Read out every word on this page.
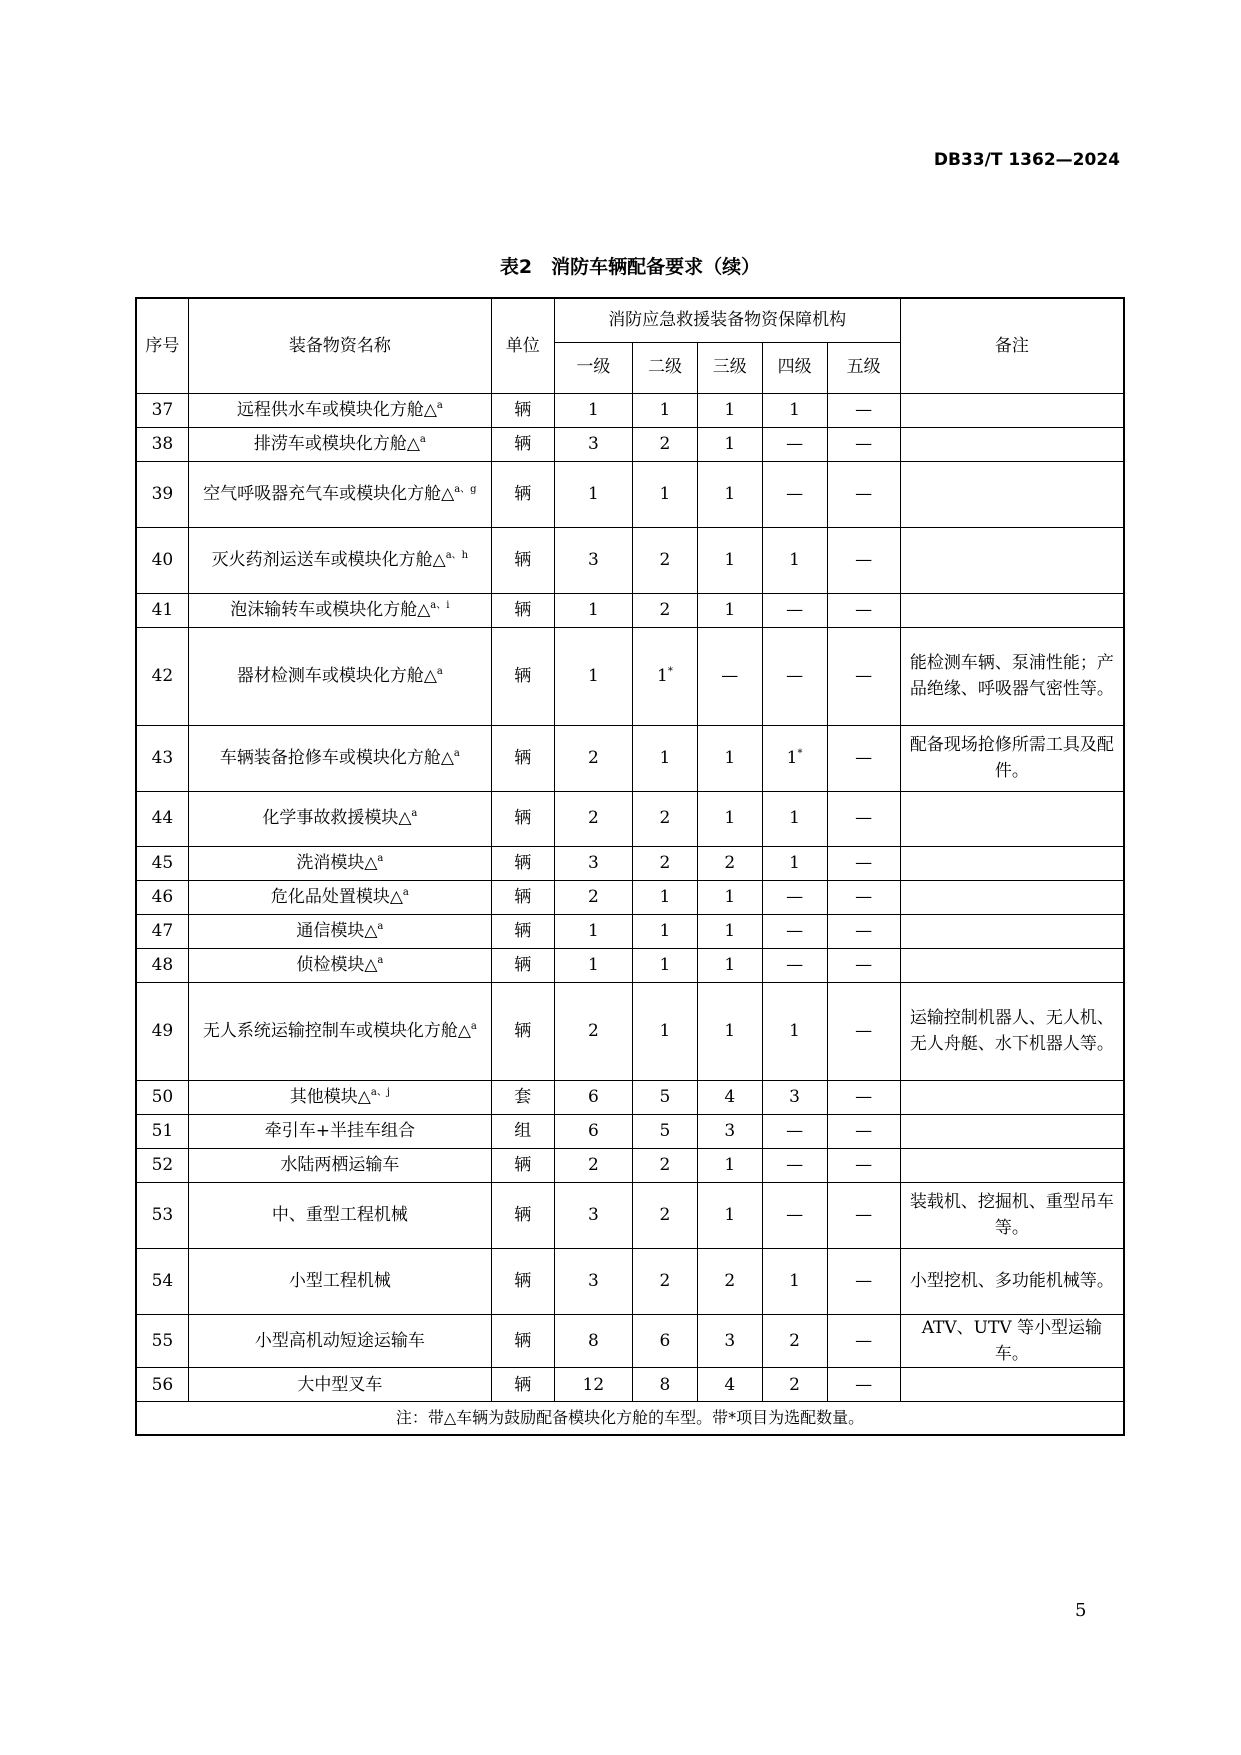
DB33/T 1362—2024
表2　消防车辆配备要求（续）
序号	装备物资名称	单位	消防应急救援装备物资保障机构					备注
			一级	二级	三级	四级	五级	
37	远程供水车或模块化方舱△$^a$	辆	1	1	1	1	—	
38	排涝车或模块化方舱△$^a$	辆	3	2	1	—	—	
39	空气呼吸器充气车或模块化方舱△$^{a、g}$	辆	1	1	1	—	—	
40	灭火药剂运送车或模块化方舱△$^{a、h}$	辆	3	2	1	1	—	
41	泡沫输转车或模块化方舱△$^{a、i}$	辆	1	2	1	—	—	
42	器材检测车或模块化方舱△$^a$	辆	1	1*	—	—	—	能检测车辆、泵浦性能；产品绝缘、呼吸器气密性等。
43	车辆装备抢修车或模块化方舱△$^a$	辆	2	1	1	1*	—	配备现场抢修所需工具及配件。
44	化学事故救援模块△$^a$	辆	2	2	1	1	—	
45	洗消模块△$^a$	辆	3	2	2	1	—	
46	危化品处置模块△$^a$	辆	2	1	1	—	—	
47	通信模块△$^a$	辆	1	1	1	—	—	
48	侦检模块△$^a$	辆	1	1	1	—	—	
49	无人系统运输控制车或模块化方舱△$^a$	辆	2	1	1	1	—	运输控制机器人、无人机、无人舟艇、水下机器人等。
50	其他模块△$^{a、j}$	套	6	5	4	3	—	
51	牵引车+半挂车组合	组	6	5	3	—	—	
52	水陆两栖运输车	辆	2	2	1	—	—	
53	中、重型工程机械	辆	3	2	1	—	—	装载机、挖掘机、重型吊车等。
54	小型工程机械	辆	3	2	2	1	—	小型挖机、多功能机械等。
55	小型高机动短途运输车	辆	8	6	3	2	—	ATV、UTV 等小型运输车。
56	大中型叉车	辆	12	8	4	2	—	
注：带△车辆为鼓励配备模块化方舱的车型。带*项目为选配数量。								
5
